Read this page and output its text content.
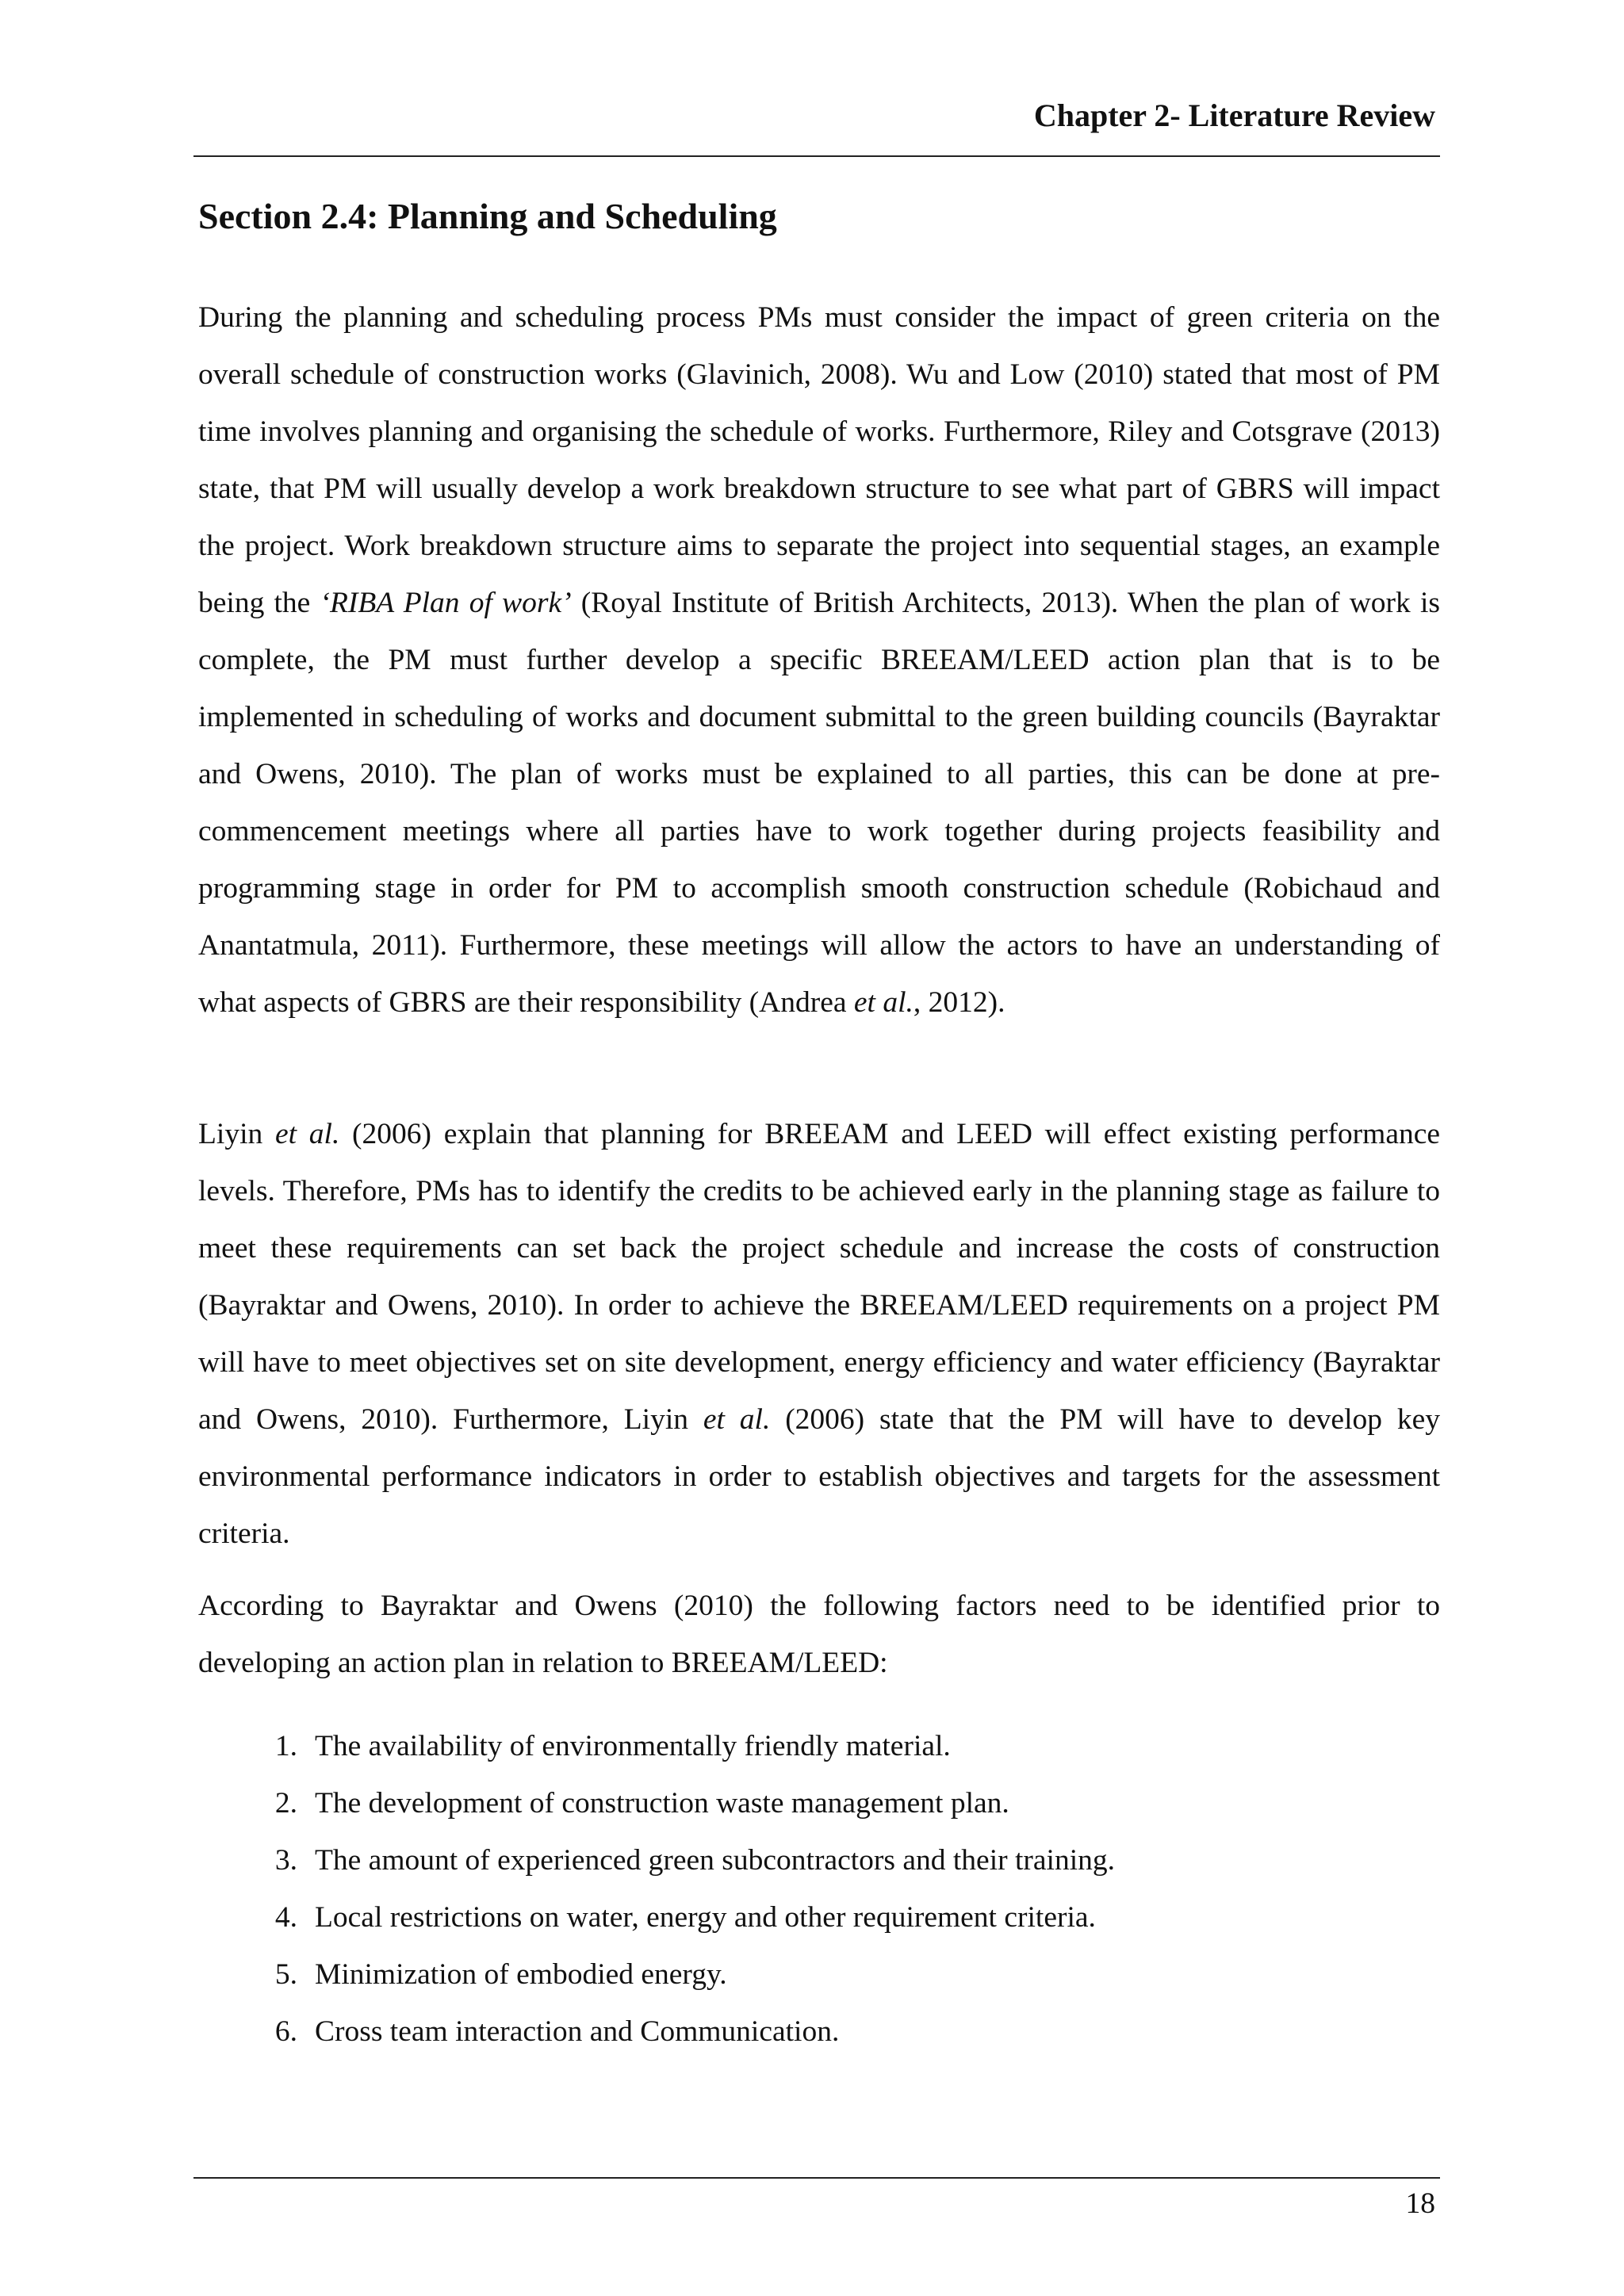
Chapter 2- Literature Review
Section 2.4: Planning and Scheduling

During the planning and scheduling process PMs must consider the impact of green criteria on the overall schedule of construction works (Glavinich, 2008). Wu and Low (2010) stated that most of PM time involves planning and organising the schedule of works. Furthermore, Riley and Cotsgrave (2013) state, that PM will usually develop a work breakdown structure to see what part of GBRS will impact the project. Work breakdown structure aims to separate the project into sequential stages, an example being the ‘RIBA Plan of work’ (Royal Institute of British Architects, 2013). When the plan of work is complete, the PM must further develop a specific BREEAM/LEED action plan that is to be implemented in scheduling of works and document submittal to the green building councils (Bayraktar and Owens, 2010). The plan of works must be explained to all parties, this can be done at pre-commencement meetings where all parties have to work together during projects feasibility and programming stage in order for PM to accomplish smooth construction schedule (Robichaud and Anantatmula, 2011). Furthermore, these meetings will allow the actors to have an understanding of what aspects of GBRS are their responsibility (Andrea et al., 2012).

Liyin et al. (2006) explain that planning for BREEAM and LEED will effect existing performance levels. Therefore, PMs has to identify the credits to be achieved early in the planning stage as failure to meet these requirements can set back the project schedule and increase the costs of construction (Bayraktar and Owens, 2010). In order to achieve the BREEAM/LEED requirements on a project PM will have to meet objectives set on site development, energy efficiency and water efficiency (Bayraktar and Owens, 2010). Furthermore, Liyin et al. (2006) state that the PM will have to develop key environmental performance indicators in order to establish objectives and targets for the assessment criteria.

According to Bayraktar and Owens (2010) the following factors need to be identified prior to developing an action plan in relation to BREEAM/LEED:

1. The availability of environmentally friendly material.
2. The development of construction waste management plan.
3. The amount of experienced green subcontractors and their training.
4. Local restrictions on water, energy and other requirement criteria.
5. Minimization of embodied energy.
6. Cross team interaction and Communication.
18
